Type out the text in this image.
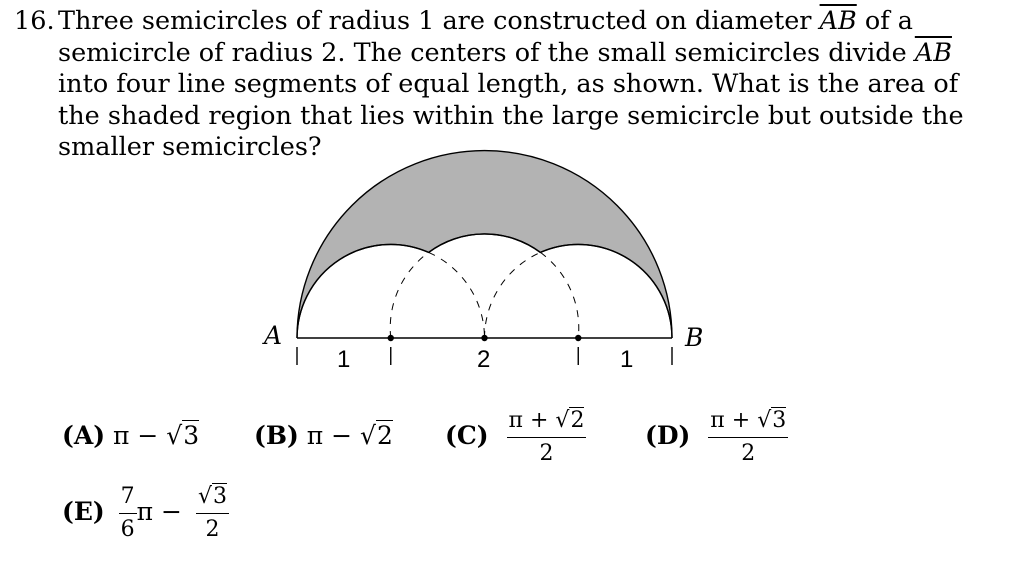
16. Three semicircles of radius 1 are constructed on diameter $\overline{AB}$ of a semicircle of radius 2. The centers of the small semicircles divide $\overline{AB}$ into four line segments of equal length, as shown. What is the area of the shaded region that lies within the large semicircle but outside the smaller semicircles?
A	B
1	2	1
(A) π − √3 (B) π − √2 $(C) \frac{\pi + √2}{2} (D) \frac{\pi + √3}{2}$
$(E) \frac{7}{6}$ $\pi - \frac{√3}{2}$
